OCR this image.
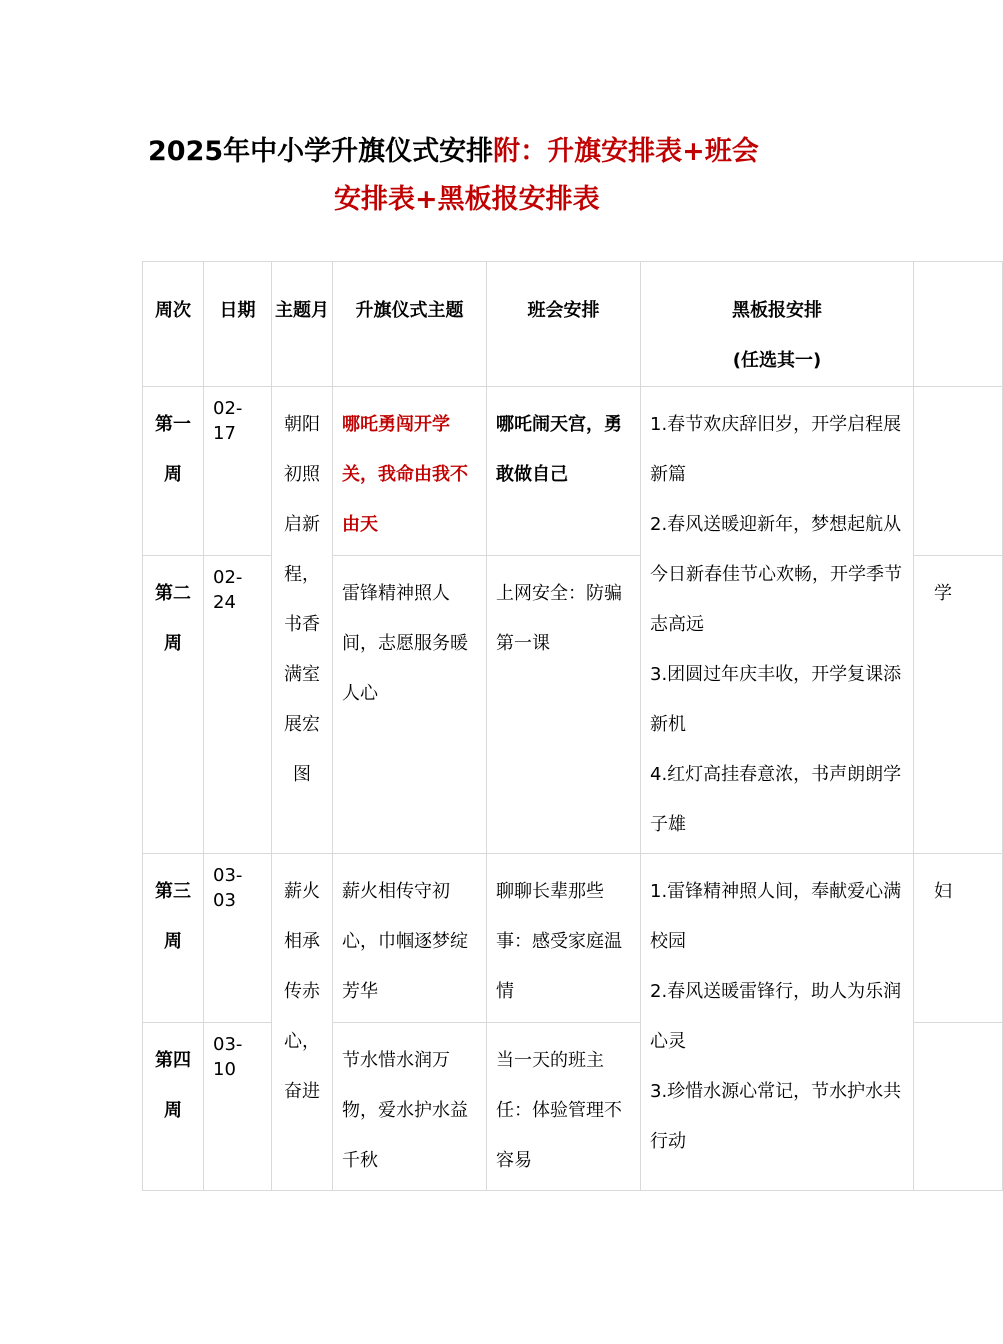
2025年中小学升旗仪式安排附：升旗安排表+班会
安排表+黑板报安排表
周次	日期	主题月	升旗仪式主题	班会安排	黑板报安排
(任选其一)	

第一周	02-17	朝阳初照启新程，书香满室展宏图	哪吒勇闯开学关，我命由我不由天	哪吒闹天宫，勇敢做自己	1.春节欢庆辞旧岁，开学启程展新篇
2.春风送暖迎新年，梦想起航从今日新春佳节心欢畅，开学季节志高远
3.团圆过年庆丰收，开学复课添新机
4.红灯高挂春意浓，书声朗朗学子雄	

第二周	02-24		雷锋精神照人间，志愿服务暖人心	上网安全：防骗第一课		学
第三周	03-03	薪火相承传赤心，奋进	薪火相传守初心，巾帼逐梦绽芳华	聊聊长辈那些事：感受家庭温情	1.雷锋精神照人间，奉献爱心满校园
2.春风送暖雷锋行，助人为乐润心灵
3.珍惜水源心常记，节水护水共行动	妇
第四周	03-10		节水惜水润万物，爱水护水益千秋	当一天的班主任：体验管理不容易		
